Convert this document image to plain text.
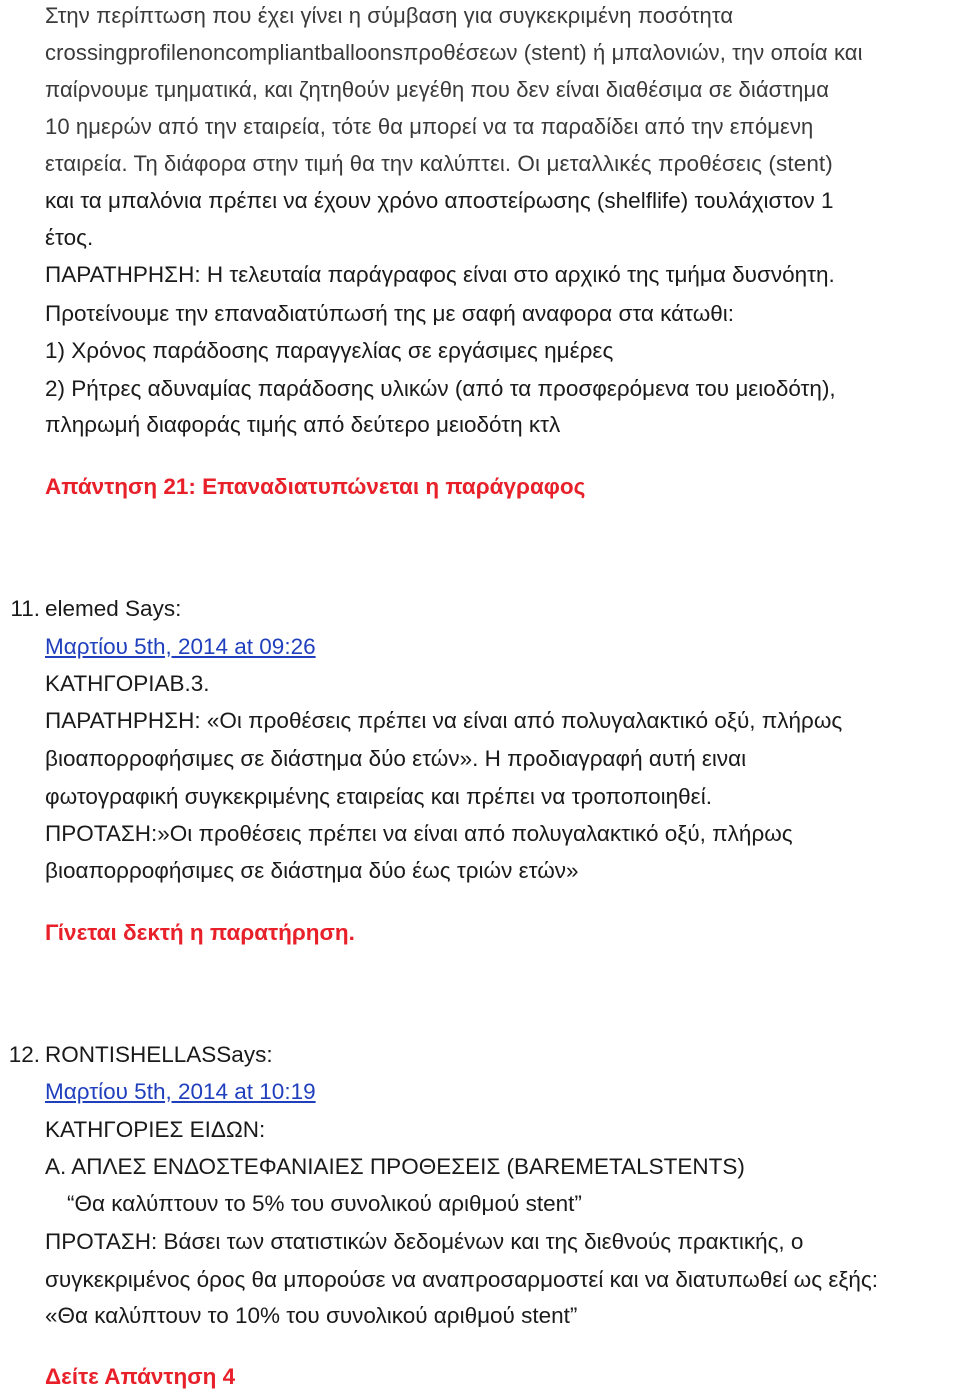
Στην περίπτωση που έχει γίνει η σύμβαση για συγκεκριμένη ποσότητα
crossingprofilenoncompliantballoonsπροθέσεων (stent) ή μπαλονιών, την οποία και
παίρνουμε τμηματικά, και ζητηθούν μεγέθη που δεν είναι διαθέσιμα σε διάστημα
10 ημερών από την εταιρεία, τότε θα μπορεί να τα παραδίδει από την επόμενη
εταιρεία. Τη διάφορα στην τιμή θα την καλύπτει. Οι μεταλλικές προθέσεις (stent)
και τα μπαλόνια πρέπει να έχουν χρόνο αποστείρωσης (shelflife) τουλάχιστον 1
έτος.
ΠΑΡΑΤΗΡΗΣΗ: Η τελευταία παράγραφος είναι στο αρχικό της τμήμα δυσνόητη.
Προτείνουμε την επαναδιατύπωσή της με σαφή αναφορα στα κάτωθι:
1) Χρόνος παράδοσης παραγγελίας σε εργάσιμες ημέρες
2) Ρήτρες αδυναμίας παράδοσης υλικών (από τα προσφερόμενα του μειοδότη),
πληρωμή διαφοράς τιμής από δεύτερο μειοδότη κτλ
Απάντηση 21: Επαναδιατυπώνεται η παράγραφος
11. elemed Says:
Μαρτίου 5th, 2014 at 09:26
ΚΑΤΗΓΟΡΙΑΒ.3.
ΠΑΡΑΤΗΡΗΣΗ: «Οι προθέσεις πρέπει να είναι από πολυγαλακτικό οξύ, πλήρως
βιοαπορροφήσιμες σε διάστημα δύο ετών». Η προδιαγραφή αυτή ειναι
φωτογραφική συγκεκριμένης εταιρείας και πρέπει να τροποποιηθεί.
ΠΡΟΤΑΣΗ:»Οι προθέσεις πρέπει να είναι από πολυγαλακτικό οξύ, πλήρως
βιοαπορροφήσιμες σε διάστημα δύο έως τριών ετών»
Γίνεται δεκτή η παρατήρηση.
12. RONTISHELLASSays:
Μαρτίου 5th, 2014 at 10:19
ΚΑΤΗΓΟΡΙΕΣ ΕΙΔΩΝ:
Α. ΑΠΛΕΣ ΕΝΔΟΣΤΕΦΑΝΙΑΙΕΣ ΠΡΟΘΕΣΕΙΣ (BAREMETALSTENTS)
“Θα καλύπτουν το 5% του συνολικού αριθμού stent”
ΠΡΟΤΑΣΗ: Βάσει των στατιστικών δεδομένων και της διεθνούς πρακτικής, ο
συγκεκριμένος όρος θα μπορούσε να αναπροσαρμοστεί και να διατυπωθεί ως εξής:
«Θα καλύπτουν το 10% του συνολικού αριθμού stent”
Δείτε Απάντηση 4
